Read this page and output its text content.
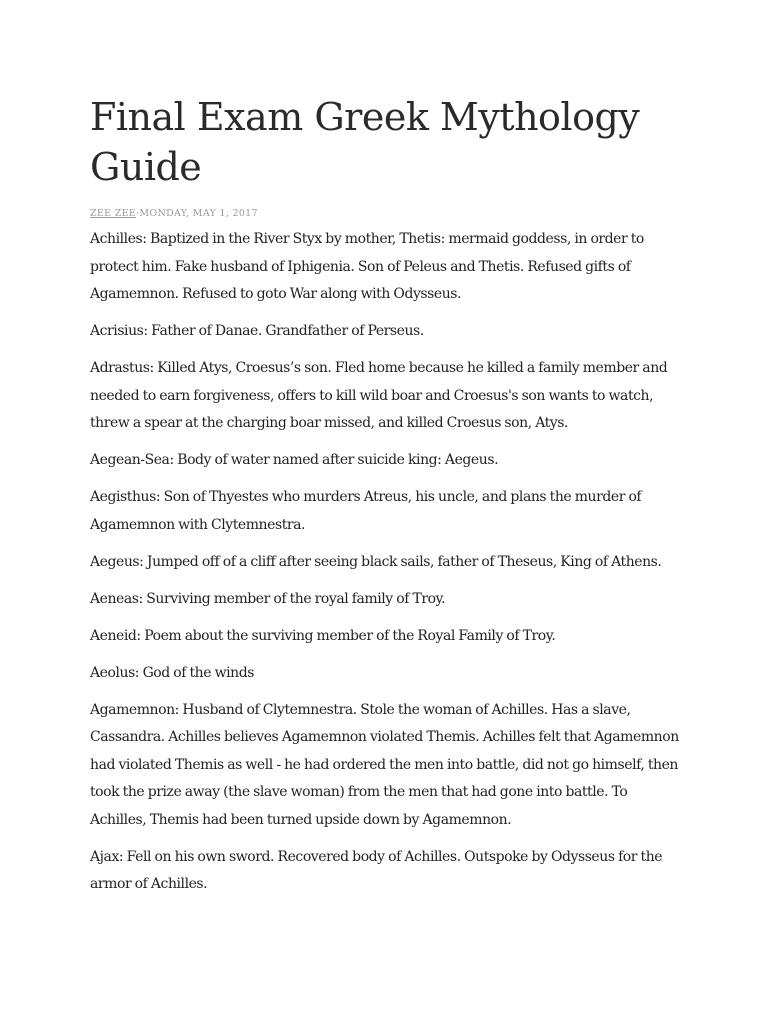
Final Exam Greek Mythology Guide
ZEE ZEE·MONDAY, MAY 1, 2017

Achilles: Baptized in the River Styx by mother, Thetis: mermaid goddess, in order to protect him. Fake husband of Iphigenia. Son of Peleus and Thetis. Refused gifts of Agamemnon. Refused to goto War along with Odysseus.

Acrisius: Father of Danae. Grandfather of Perseus.

Adrastus: Killed Atys, Croesus’s son. Fled home because he killed a family member and needed to earn forgiveness, offers to kill wild boar and Croesus's son wants to watch, threw a spear at the charging boar missed, and killed Croesus son, Atys.

Aegean-Sea: Body of water named after suicide king: Aegeus.

Aegisthus: Son of Thyestes who murders Atreus, his uncle, and plans the murder of Agamemnon with Clytemnestra.

Aegeus: Jumped off of a cliff after seeing black sails, father of Theseus, King of Athens.

Aeneas: Surviving member of the royal family of Troy.

Aeneid: Poem about the surviving member of the Royal Family of Troy.

Aeolus: God of the winds

Agamemnon: Husband of Clytemnestra. Stole the woman of Achilles. Has a slave, Cassandra. Achilles believes Agamemnon violated Themis. Achilles felt that Agamemnon had violated Themis as well - he had ordered the men into battle, did not go himself, then took the prize away (the slave woman) from the men that had gone into battle. To Achilles, Themis had been turned upside down by Agamemnon.

Ajax: Fell on his own sword. Recovered body of Achilles. Outspoke by Odysseus for the armor of Achilles.
